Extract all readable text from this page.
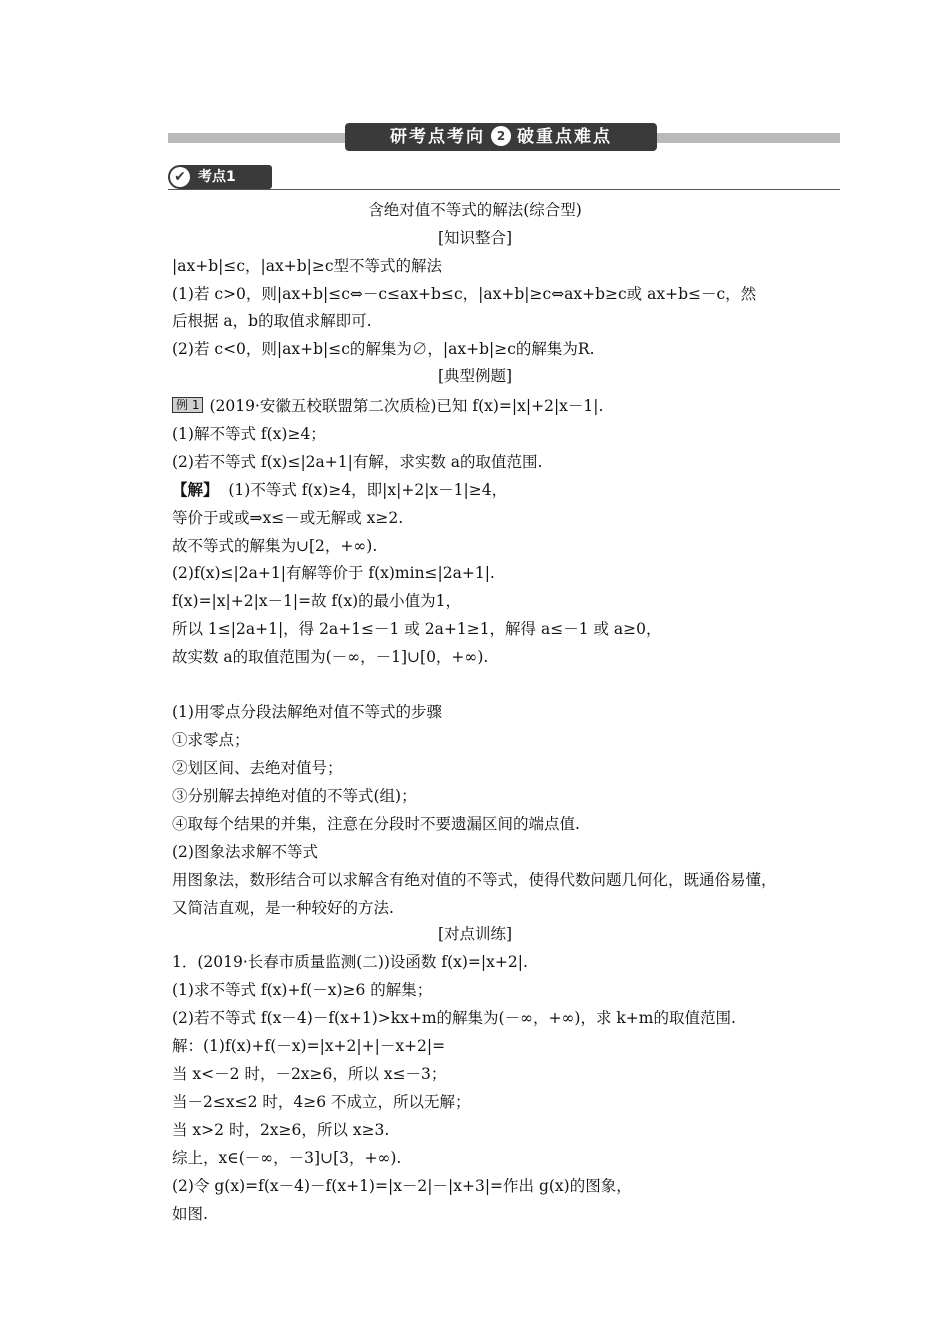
研考点考向 2 破重点难点
✔ 考点1
含绝对值不等式的解法(综合型)
[知识整合]
|ax+b|≤c，|ax+b|≥c型不等式的解法
(1)若 c>0，则|ax+b|≤c⇔－c≤ax+b≤c，|ax+b|≥c⇔ax+b≥c或 ax+b≤－c，然
后根据 a，b的取值求解即可.
(2)若 c<0，则|ax+b|≤c的解集为∅，|ax+b|≥c的解集为R.
[典型例题]
例 1 (2019·安徽五校联盟第二次质检)已知 f(x)=|x|+2|x－1|.
(1)解不等式 f(x)≥4；
(2)若不等式 f(x)≤|2a+1|有解，求实数 a的取值范围.
【解】 (1)不等式 f(x)≥4，即|x|+2|x－1|≥4，
等价于或或⇒x≤－或无解或 x≥2.
故不等式的解集为∪[2，+∞).
(2)f(x)≤|2a+1|有解等价于 f(x)min≤|2a+1|.
f(x)=|x|+2|x－1|=故 f(x)的最小值为1，
所以 1≤|2a+1|，得 2a+1≤－1 或 2a+1≥1，解得 a≤－1 或 a≥0，
故实数 a的取值范围为(－∞，－1]∪[0，+∞).
(1)用零点分段法解绝对值不等式的步骤
①求零点；
②划区间、去绝对值号；
③分别解去掉绝对值的不等式(组)；
④取每个结果的并集，注意在分段时不要遗漏区间的端点值.
(2)图象法求解不等式
用图象法，数形结合可以求解含有绝对值的不等式，使得代数问题几何化，既通俗易懂，
又简洁直观，是一种较好的方法.
[对点训练]
1．(2019·长春市质量监测(二))设函数 f(x)=|x+2|.
(1)求不等式 f(x)+f(－x)≥6 的解集；
(2)若不等式 f(x－4)－f(x+1)>kx+m的解集为(－∞，+∞)，求 k+m的取值范围.
解：(1)f(x)+f(－x)=|x+2|+|－x+2|=
当 x<－2 时，－2x≥6，所以 x≤－3；
当－2≤x≤2 时，4≥6 不成立，所以无解；
当 x>2 时，2x≥6，所以 x≥3.
综上，x∈(－∞，－3]∪[3，+∞).
(2)令 g(x)=f(x－4)－f(x+1)=|x－2|－|x+3|=作出 g(x)的图象，
如图.
